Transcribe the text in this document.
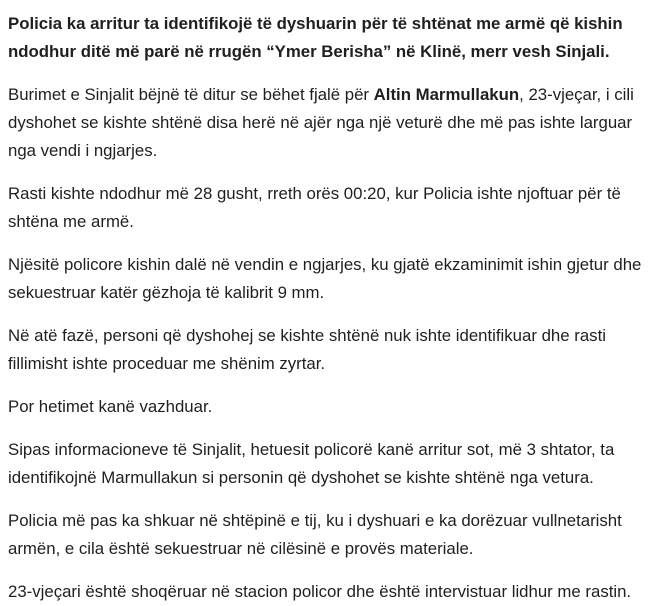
Policia ka arritur ta identifikojë të dyshuarin për të shtënat me armë që kishin ndodhur ditë më parë në rrugën “Ymer Berisha” në Klinë, merr vesh Sinjali.

Burimet e Sinjalit bëjnë të ditur se bëhet fjalë për Altin Marmullakun, 23-vjeçar, i cili dyshohet se kishte shtënë disa herë në ajër nga një veturë dhe më pas ishte larguar nga vendi i ngjarjes.

Rasti kishte ndodhur më 28 gusht, rreth orës 00:20, kur Policia ishte njoftuar për të shtëna me armë.

Njësitë policore kishin dalë në vendin e ngjarjes, ku gjatë ekzaminimit ishin gjetur dhe sekuestruar katër gëzhoja të kalibrit 9 mm.

Në atë fazë, personi që dyshohej se kishte shtënë nuk ishte identifikuar dhe rasti fillimisht ishte proceduar me shënim zyrtar.

Por hetimet kanë vazhduar.

Sipas informacioneve të Sinjalit, hetuesit policorë kanë arritur sot, më 3 shtator, ta identifikojnë Marmullakun si personin që dyshohet se kishte shtënë nga vetura.

Policia më pas ka shkuar në shtëpinë e tij, ku i dyshuari e ka dorëzuar vullnetarisht armën, e cila është sekuestruar në cilësinë e provës materiale.

23-vjeçari është shoqëruar në stacion policor dhe është intervistuar lidhur me rastin.
